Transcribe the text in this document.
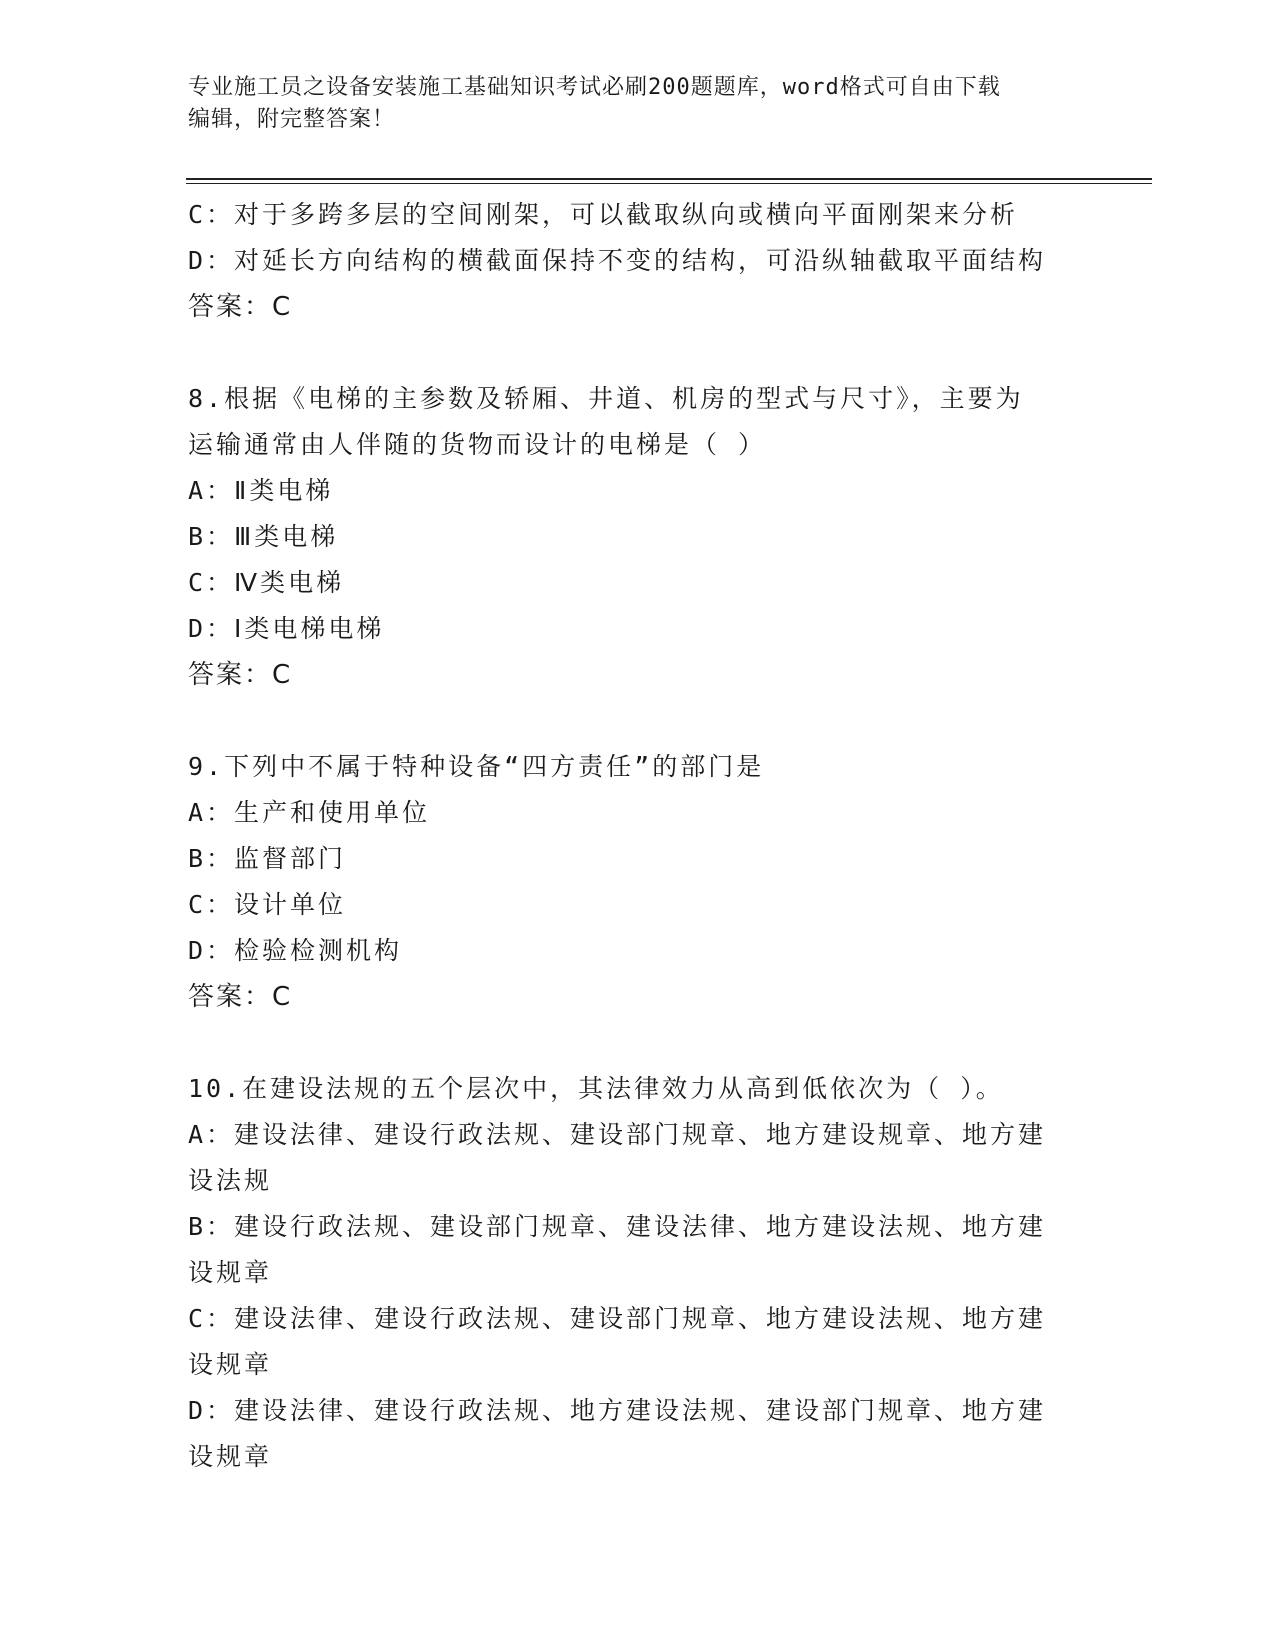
专业施工员之设备安装施工基础知识考试必刷200题题库，word格式可自由下载
编辑，附完整答案！
C：对于多跨多层的空间刚架，可以截取纵向或横向平面刚架来分析
D：对延长方向结构的横截面保持不变的结构，可沿纵轴截取平面结构
答案：C
8.根据《电梯的主参数及轿厢、井道、机房的型式与尺寸》，主要为
运输通常由人伴随的货物而设计的电梯是（ ）
A：Ⅱ类电梯
B：Ⅲ类电梯
C：Ⅳ类电梯
D：Ⅰ类电梯电梯
答案：C
9.下列中不属于特种设备“四方责任”的部门是
A：生产和使用单位
B：监督部门
C：设计单位
D：检验检测机构
答案：C
10.在建设法规的五个层次中，其法律效力从高到低依次为（ ）。
A：建设法律、建设行政法规、建设部门规章、地方建设规章、地方建
设法规
B：建设行政法规、建设部门规章、建设法律、地方建设法规、地方建
设规章
C：建设法律、建设行政法规、建设部门规章、地方建设法规、地方建
设规章
D：建设法律、建设行政法规、地方建设法规、建设部门规章、地方建
设规章
